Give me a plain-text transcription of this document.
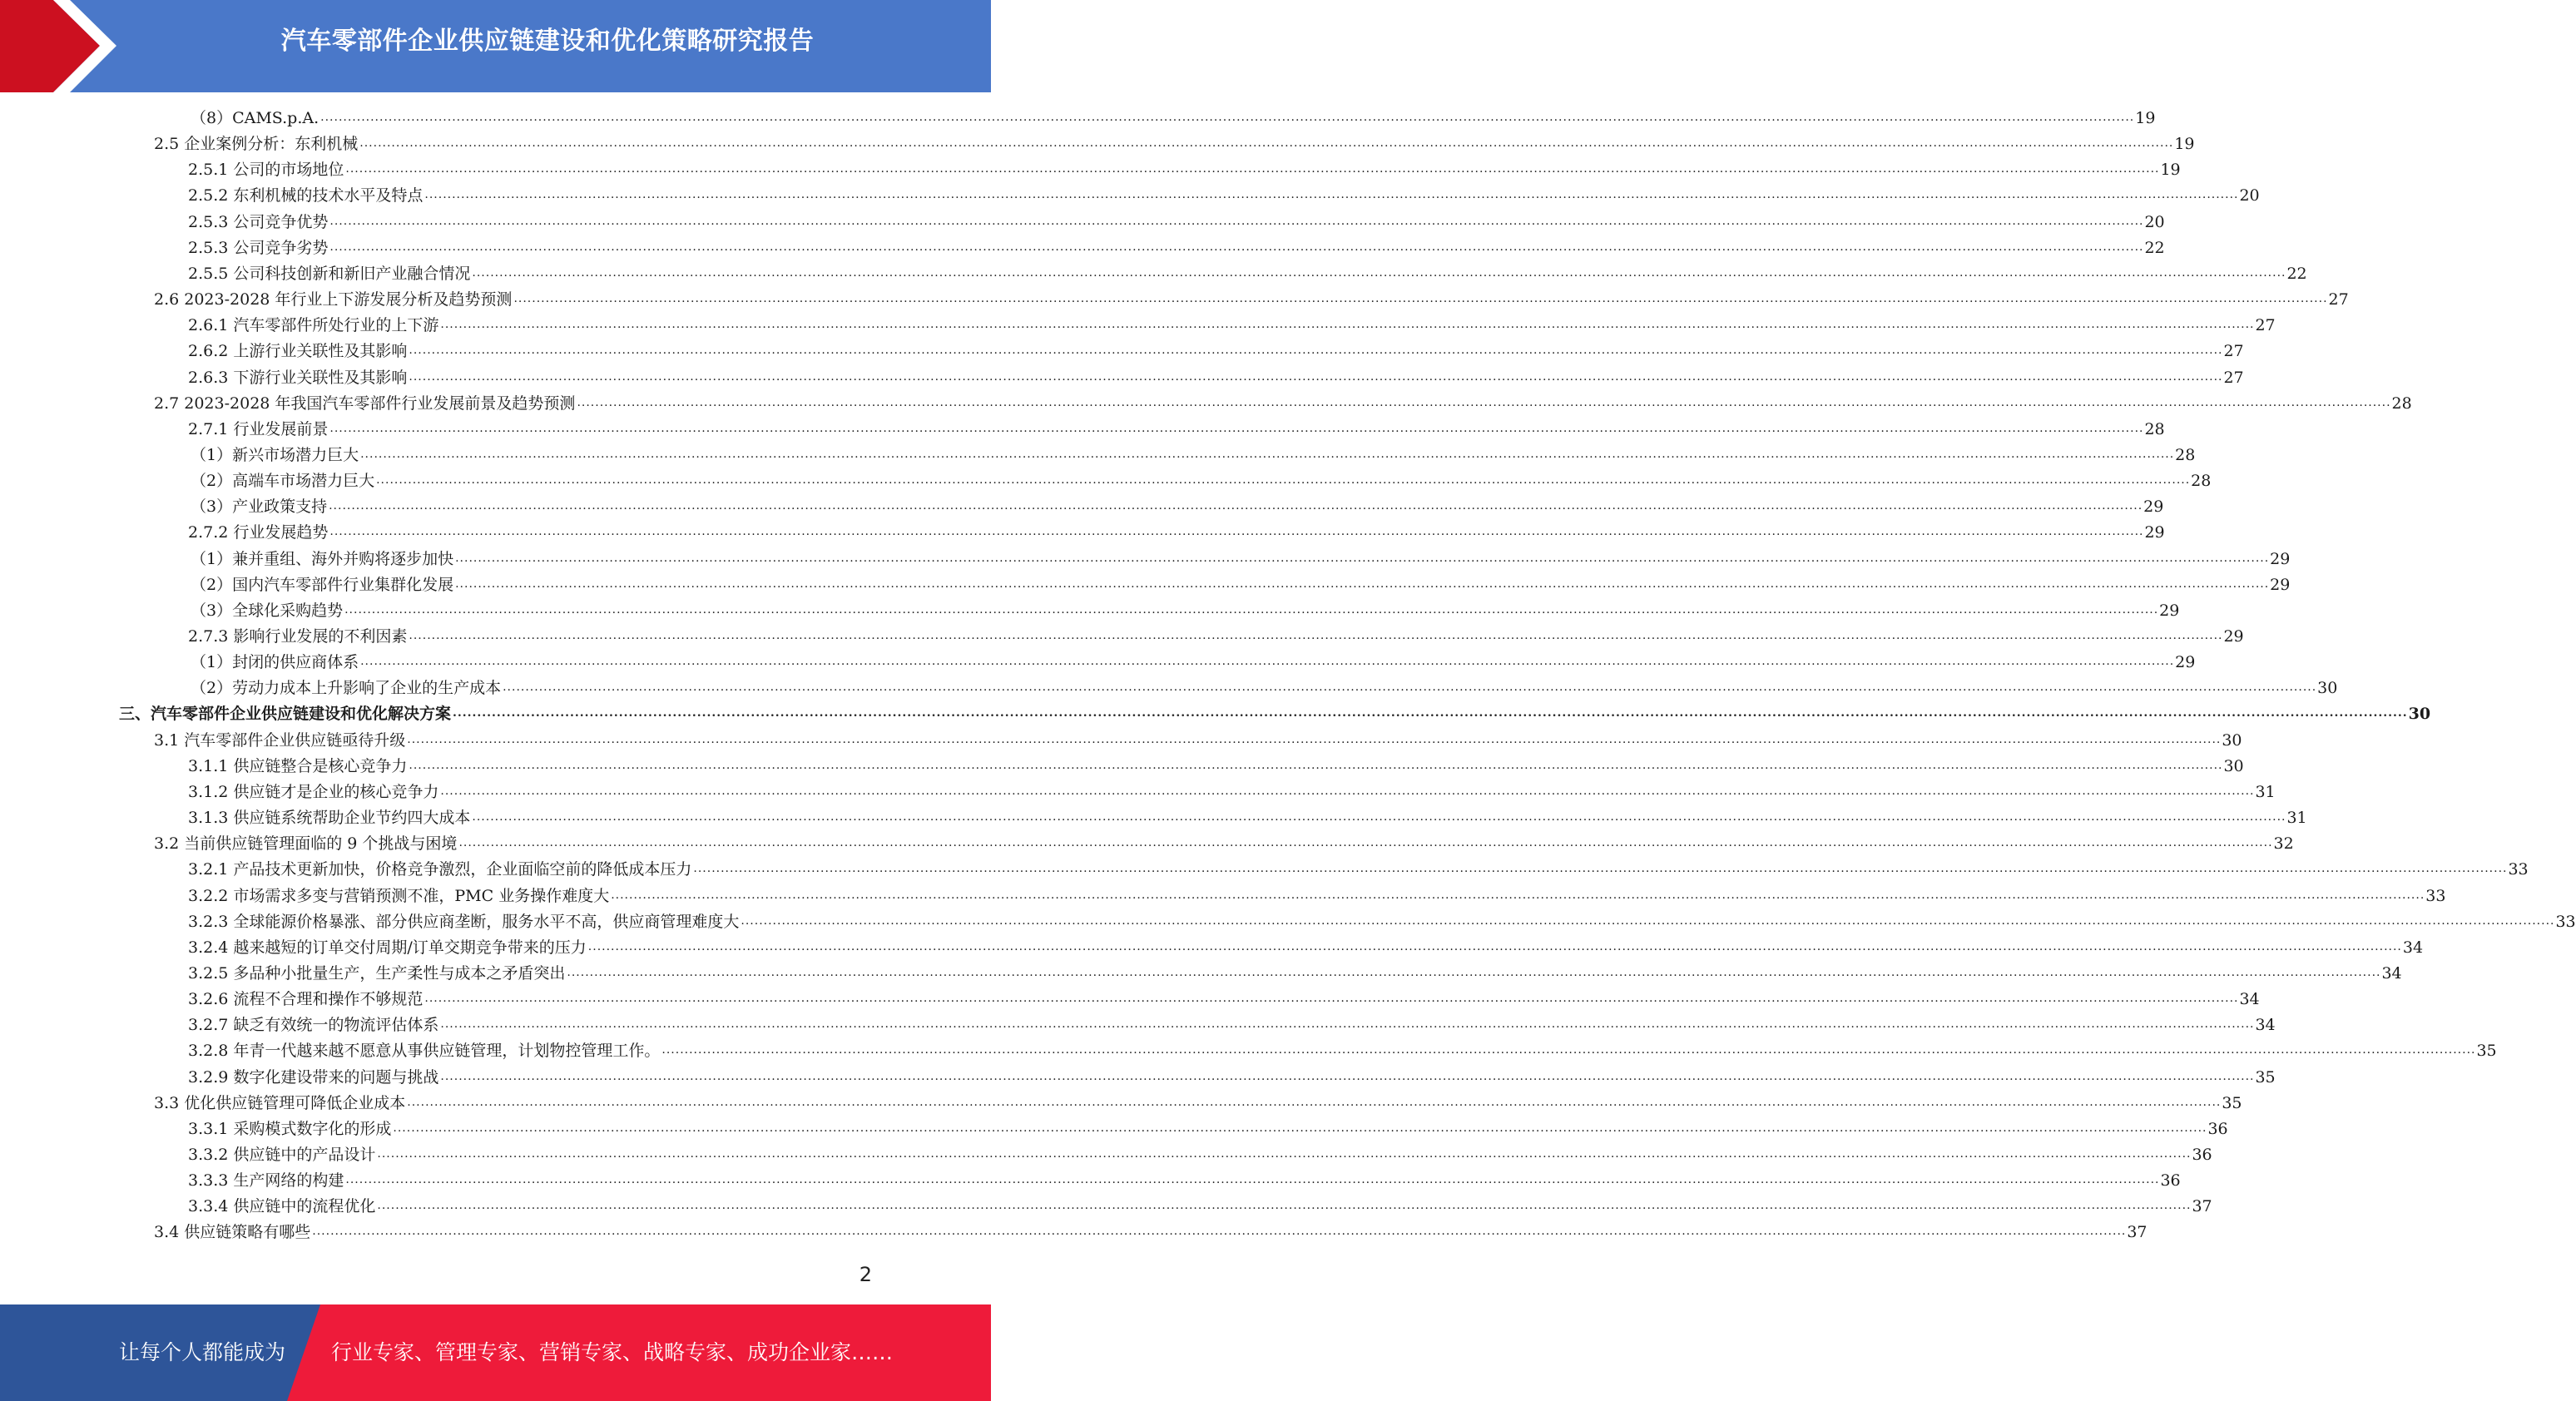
汽车零部件企业供应链建设和优化策略研究报告
（8）CAMS.p.A. ................................................................................................................................................................................................................................................................................................................................................................................................................ 19
2.5 企业案例分析：东利机械 ................................................................................................................................................................................................................................................................................................................................................................................................................ 19
2.5.1 公司的市场地位 ................................................................................................................................................................................................................................................................................................................................................................................................................ 19
2.5.2 东利机械的技术水平及特点 ................................................................................................................................................................................................................................................................................................................................................................................................................ 20
2.5.3 公司竞争优势 ................................................................................................................................................................................................................................................................................................................................................................................................................ 20
2.5.3 公司竞争劣势 ................................................................................................................................................................................................................................................................................................................................................................................................................ 22
2.5.5 公司科技创新和新旧产业融合情况 ................................................................................................................................................................................................................................................................................................................................................................................................................ 22
2.6 2023-2028 年行业上下游发展分析及趋势预测 ................................................................................................................................................................................................................................................................................................................................................................................................................ 27
2.6.1 汽车零部件所处行业的上下游 ................................................................................................................................................................................................................................................................................................................................................................................................................ 27
2.6.2 上游行业关联性及其影响 ................................................................................................................................................................................................................................................................................................................................................................................................................ 27
2.6.3 下游行业关联性及其影响 ................................................................................................................................................................................................................................................................................................................................................................................................................ 27
2.7 2023-2028 年我国汽车零部件行业发展前景及趋势预测 ................................................................................................................................................................................................................................................................................................................................................................................................................ 28
2.7.1 行业发展前景 ................................................................................................................................................................................................................................................................................................................................................................................................................ 28
（1）新兴市场潜力巨大 ................................................................................................................................................................................................................................................................................................................................................................................................................ 28
（2）高端车市场潜力巨大 ................................................................................................................................................................................................................................................................................................................................................................................................................ 28
（3）产业政策支持 ................................................................................................................................................................................................................................................................................................................................................................................................................ 29
2.7.2 行业发展趋势 ................................................................................................................................................................................................................................................................................................................................................................................................................ 29
（1）兼并重组、海外并购将逐步加快 ................................................................................................................................................................................................................................................................................................................................................................................................................ 29
（2）国内汽车零部件行业集群化发展 ................................................................................................................................................................................................................................................................................................................................................................................................................ 29
（3）全球化采购趋势 ................................................................................................................................................................................................................................................................................................................................................................................................................ 29
2.7.3 影响行业发展的不利因素 ................................................................................................................................................................................................................................................................................................................................................................................................................ 29
（1）封闭的供应商体系 ................................................................................................................................................................................................................................................................................................................................................................................................................ 29
（2）劳动力成本上升影响了企业的生产成本 ................................................................................................................................................................................................................................................................................................................................................................................................................ 30
三、汽车零部件企业供应链建设和优化解决方案 ................................................................................................................................................................................................................................................................................................................................................................................................................ 30
3.1 汽车零部件企业供应链亟待升级 ................................................................................................................................................................................................................................................................................................................................................................................................................ 30
3.1.1 供应链整合是核心竞争力 ................................................................................................................................................................................................................................................................................................................................................................................................................ 30
3.1.2 供应链才是企业的核心竞争力 ................................................................................................................................................................................................................................................................................................................................................................................................................ 31
3.1.3 供应链系统帮助企业节约四大成本 ................................................................................................................................................................................................................................................................................................................................................................................................................ 31
3.2 当前供应链管理面临的 9 个挑战与困境 ................................................................................................................................................................................................................................................................................................................................................................................................................ 32
3.2.1 产品技术更新加快，价格竞争激烈，企业面临空前的降低成本压力 ................................................................................................................................................................................................................................................................................................................................................................................................................ 33
3.2.2 市场需求多变与营销预测不准，PMC 业务操作难度大 ................................................................................................................................................................................................................................................................................................................................................................................................................ 33
3.2.3 全球能源价格暴涨、部分供应商垄断，服务水平不高，供应商管理难度大 ................................................................................................................................................................................................................................................................................................................................................................................................................ 33
3.2.4 越来越短的订单交付周期/订单交期竞争带来的压力 ................................................................................................................................................................................................................................................................................................................................................................................................................ 34
3.2.5 多品种小批量生产，生产柔性与成本之矛盾突出 ................................................................................................................................................................................................................................................................................................................................................................................................................ 34
3.2.6 流程不合理和操作不够规范 ................................................................................................................................................................................................................................................................................................................................................................................................................ 34
3.2.7 缺乏有效统一的物流评估体系 ................................................................................................................................................................................................................................................................................................................................................................................................................ 34
3.2.8 年青一代越来越不愿意从事供应链管理，计划物控管理工作。 ................................................................................................................................................................................................................................................................................................................................................................................................................ 35
3.2.9 数字化建设带来的问题与挑战 ................................................................................................................................................................................................................................................................................................................................................................................................................ 35
3.3 优化供应链管理可降低企业成本 ................................................................................................................................................................................................................................................................................................................................................................................................................ 35
3.3.1 采购模式数字化的形成 ................................................................................................................................................................................................................................................................................................................................................................................................................ 36
3.3.2 供应链中的产品设计 ................................................................................................................................................................................................................................................................................................................................................................................................................ 36
3.3.3 生产网络的构建 ................................................................................................................................................................................................................................................................................................................................................................................................................ 36
3.3.4 供应链中的流程优化 ................................................................................................................................................................................................................................................................................................................................................................................................................ 37
3.4 供应链策略有哪些 ................................................................................................................................................................................................................................................................................................................................................................................................................ 37
2
让每个人都能成为 行业专家、管理专家、营销专家、战略专家、成功企业家……
